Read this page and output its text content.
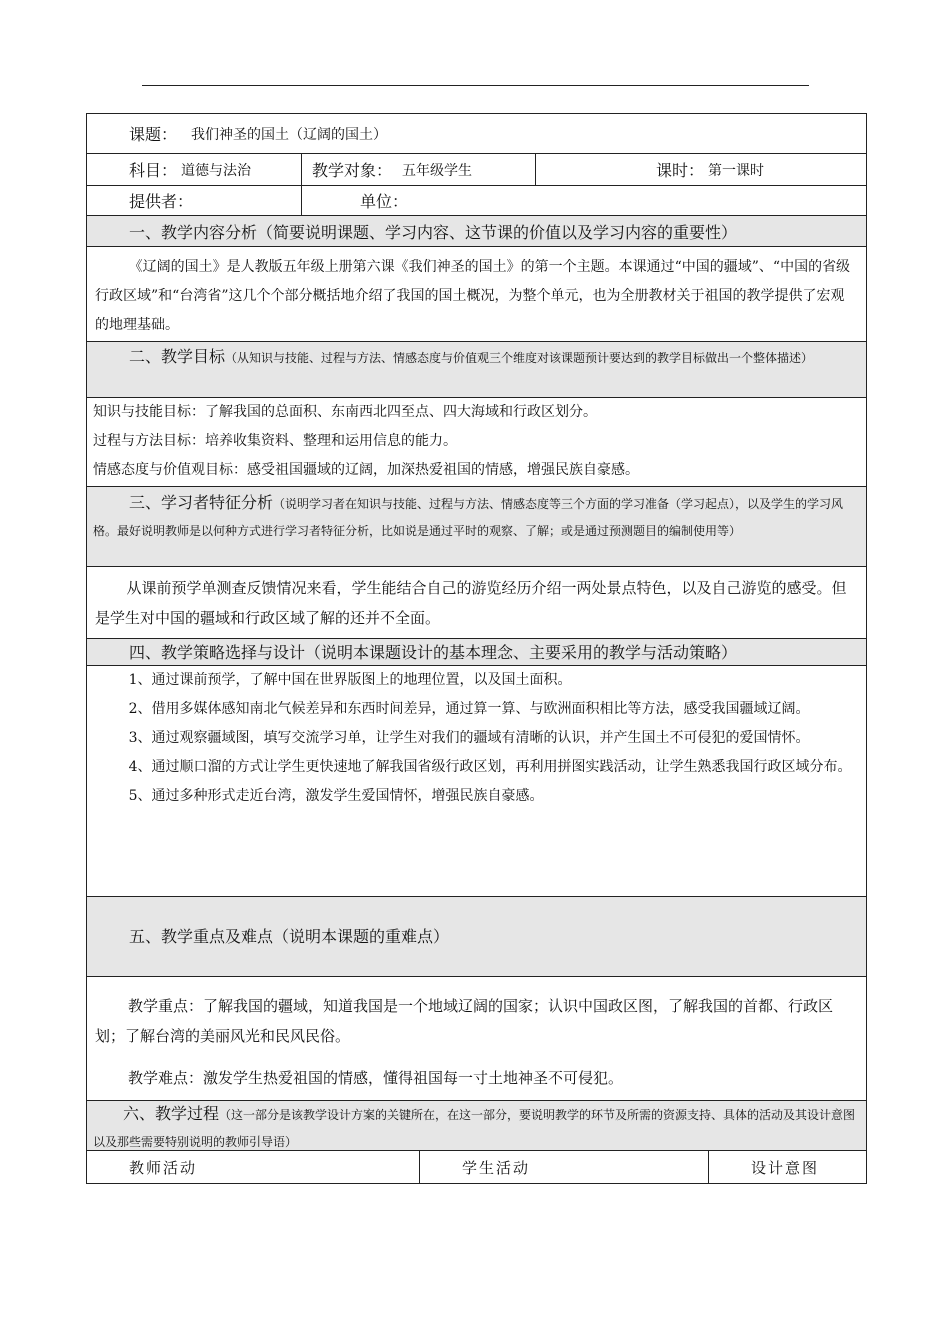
课题： 我们神圣的国土（辽阔的国土）
科目： 道德与法治	教学对象： 五年级学生	课时： 第一课时
提供者：	单位：
一、教学内容分析（简要说明课题、学习内容、这节课的价值以及学习内容的重要性）
《辽阔的国土》是人教版五年级上册第六课《我们神圣的国土》的第一个主题。本课通过“中国的疆域”、“中国的省级行政区域”和“台湾省”这几个个部分概括地介绍了我国的国土概况，为整个单元，也为全册教材关于祖国的教学提供了宏观的地理基础。
二、教学目标（从知识与技能、过程与方法、情感态度与价值观三个维度对该课题预计要达到的教学目标做出一个整体描述）
知识与技能目标：了解我国的总面积、东南西北四至点、四大海域和行政区划分。
过程与方法目标：培养收集资料、整理和运用信息的能力。
情感态度与价值观目标：感受祖国疆域的辽阔，加深热爱祖国的情感，增强民族自豪感。
三、学习者特征分析（说明学习者在知识与技能、过程与方法、情感态度等三个方面的学习准备（学习起点），以及学生的学习风格。最好说明教师是以何种方式进行学习者特征分析，比如说是通过平时的观察、了解；或是通过预测题目的编制使用等）
从课前预学单测查反馈情况来看，学生能结合自己的游览经历介绍一两处景点特色，以及自己游览的感受。但是学生对中国的疆域和行政区域了解的还并不全面。
四、教学策略选择与设计（说明本课题设计的基本理念、主要采用的教学与活动策略）
1、通过课前预学，了解中国在世界版图上的地理位置，以及国土面积。
2、借用多媒体感知南北气候差异和东西时间差异，通过算一算、与欧洲面积相比等方法，感受我国疆域辽阔。
3、通过观察疆域图，填写交流学习单，让学生对我们的疆域有清晰的认识，并产生国土不可侵犯的爱国情怀。
4、通过顺口溜的方式让学生更快速地了解我国省级行政区划，再利用拼图实践活动，让学生熟悉我国行政区域分布。
5、通过多种形式走近台湾，激发学生爱国情怀，增强民族自豪感。
五、教学重点及难点 （说明本课题的重难点）
教学重点：了解我国的疆域，知道我国是一个地域辽阔的国家；认识中国政区图，了解我国的首都、行政区划；了解台湾的美丽风光和民风民俗。
教学难点：激发学生热爱祖国的情感，懂得祖国每一寸土地神圣不可侵犯。
六、教学过程（这一部分是该教学设计方案的关键所在，在这一部分，要说明教学的环节及所需的资源支持、具体的活动及其设计意图以及那些需要特别说明的教师引导语）
教师活动	学生活动	设计意图
